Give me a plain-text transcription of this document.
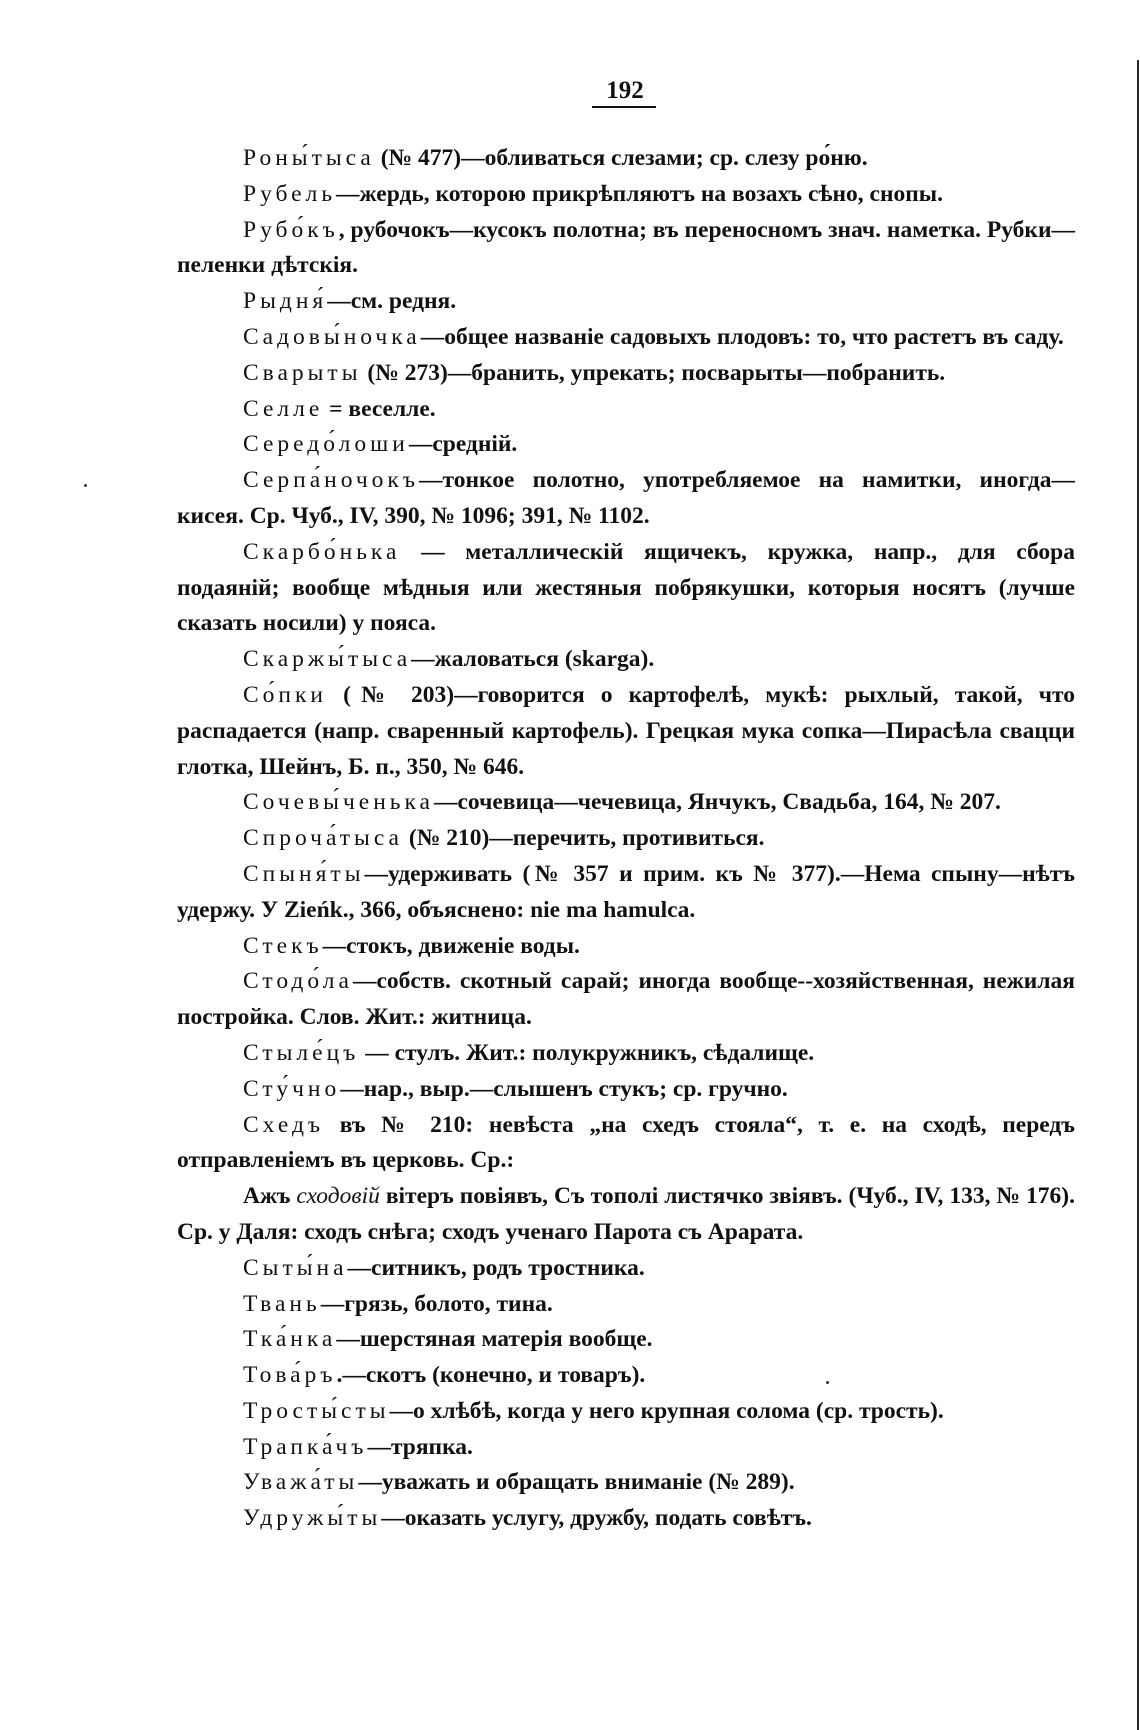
192

Роны́тыса (№ 477)—обливаться слезами; ср. слезу ро́ню.

Рубель—жердь, которою прикрѣпляютъ на возахъ сѣно, снопы.

Рубо́къ, рубочокъ—кусокъ полотна; въ переносномъ знач. наметка. Рубки—пеленки дѣтскія.

Рыдня́—см. редня.

Садовы́ночка—общее названіе садовыхъ плодовъ: то, что растетъ въ саду.

Сварыты (№ 273)—бранить, упрекать; посварыты—побранить.

Селле = веселле.

Середо́лоши—средній.

Серпа́ночокъ—тонкое полотно, употребляемое на намитки, иногда—кисея. Ср. Чуб., IV, 390, № 1096; 391, № 1102.

Скарбо́нька — металлическій ящичекъ, кружка, напр., для сбора подаяній; вообще мѣдныя или жестяныя побрякушки, которыя носятъ (лучше сказать носили) у пояса.

Скаржы́тыса—жаловаться (skarga).

Со́пки (№ 203)—говорится о картофелѣ, мукѣ: рыхлый, такой, что распадается (напр. сваренный картофель). Грецкая мука сопка—Пирасѣла свацци глотка, Шейнъ, Б. п., 350, № 646.

Сочевы́ченька—сочевица—чечевица, Янчукъ, Свадьба, 164, № 207.

Спроча́тыса (№ 210)—перечить, противиться.

Спыня́ты—удерживать (№ 357 и прим. къ № 377).—Нема спыну—нѣтъ удержу. У Zieńk., 366, объяснено: nie ma hamulca.

Стекъ—стокъ, движеніе воды.

Стодо́ла—собств. скотный сарай; иногда вообще--хозяйственная, нежилая постройка. Слов. Жит.: житница.

Стыле́цъ — стулъ. Жит.: полукружникъ, сѣдалище.

Сту́чно—нар., выр.—слышенъ стукъ; ср. гручно.

Схедъ въ № 210: невѣста „на схедъ стояла“, т. е. на сходѣ, передъ отправленіемъ въ церковь. Ср.:

Ажъ сходовій вітеръ повіявъ, Съ тополі листячко звіявъ. (Чуб., IV, 133, № 176). Ср. у Даля: сходъ снѣга; сходъ ученаго Парота съ Арарата.

Сыты́на—ситникъ, родъ тростника.

Твань—грязь, болото, тина.

Тка́нка—шерстяная матерія вообще.

Това́ръ.—скотъ (конечно, и товаръ).

Тросты́сты—о хлѣбѣ, когда у него крупная солома (ср. трость).

Трапка́чъ—тряпка.

Уважа́ты—уважать и обращать вниманіе (№ 289).

Удружы́ты—оказать услугу, дружбу, подать совѣтъ.
